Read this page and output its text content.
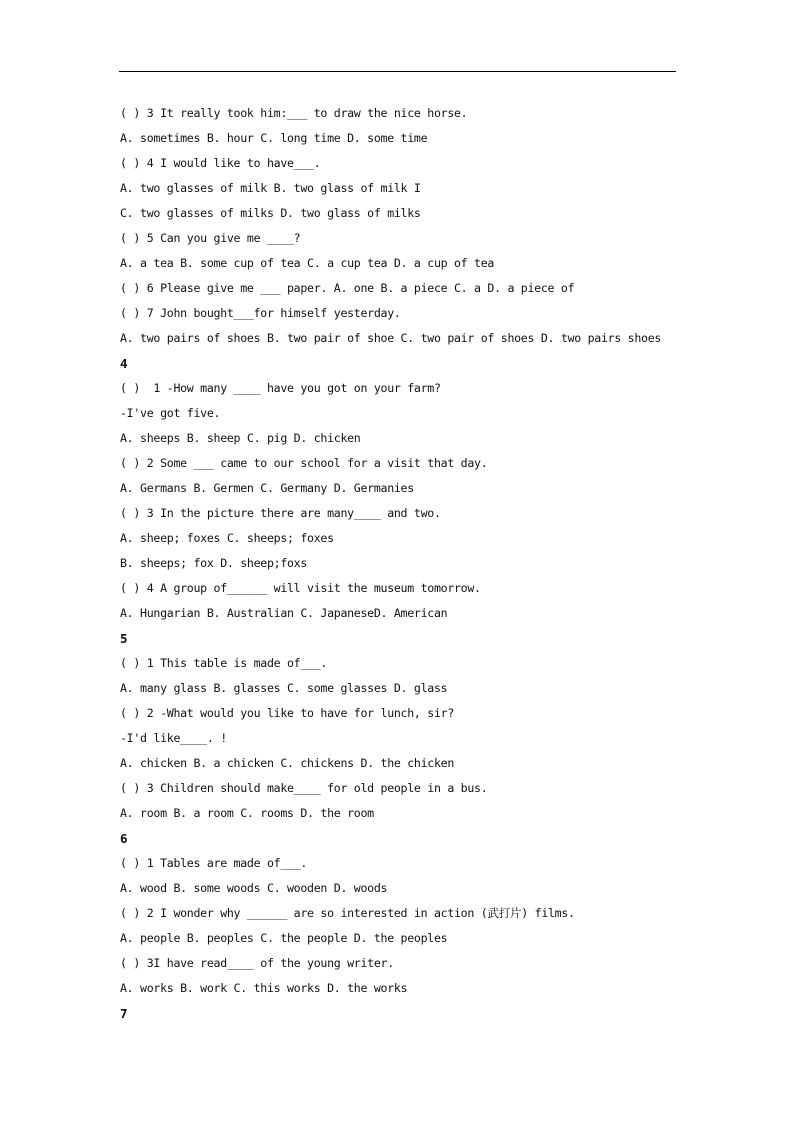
( ) 3 It really took him:___ to draw the nice horse.
A. sometimes B. hour C. long time D. some time
( ) 4 I would like to have___.
A. two glasses of milk B. two glass of milk I
C. two glasses of milks D. two glass of milks
( ) 5 Can you give me ____?
A. a tea B. some cup of tea C. a cup tea D. a cup of tea
( ) 6 Please give me ___ paper. A. one B. a piece C. a D. a piece of
( ) 7 John bought___for himself yesterday.
A. two pairs of shoes B. two pair of shoe C. two pair of shoes D. two pairs shoes
4
( )  1 -How many ____ have you got on your farm?
-I've got five.
A. sheeps B. sheep C. pig D. chicken
( ) 2 Some ___ came to our school for a visit that day.
A. Germans B. Germen C. Germany D. Germanies
( ) 3 In the picture there are many____ and two.
A. sheep; foxes C. sheeps; foxes
B. sheeps; fox D. sheep;foxs
( ) 4 A group of______ will visit the museum tomorrow.
A. Hungarian B. Australian C. JapaneseD. American
5
( ) 1 This table is made of___.
A. many glass B. glasses C. some glasses D. glass
( ) 2 -What would you like to have for lunch, sir?
-I'd like____. !
A. chicken B. a chicken C. chickens D. the chicken
( ) 3 Children should make____ for old people in a bus.
A. room B. a room C. rooms D. the room
6
( ) 1 Tables are made of___.
A. wood B. some woods C. wooden D. woods
( ) 2 I wonder why ______ are so interested in action (武打片) films.
A. people B. peoples C. the people D. the peoples
( ) 3I have read____ of the young writer.
A. works B. work C. this works D. the works
7
